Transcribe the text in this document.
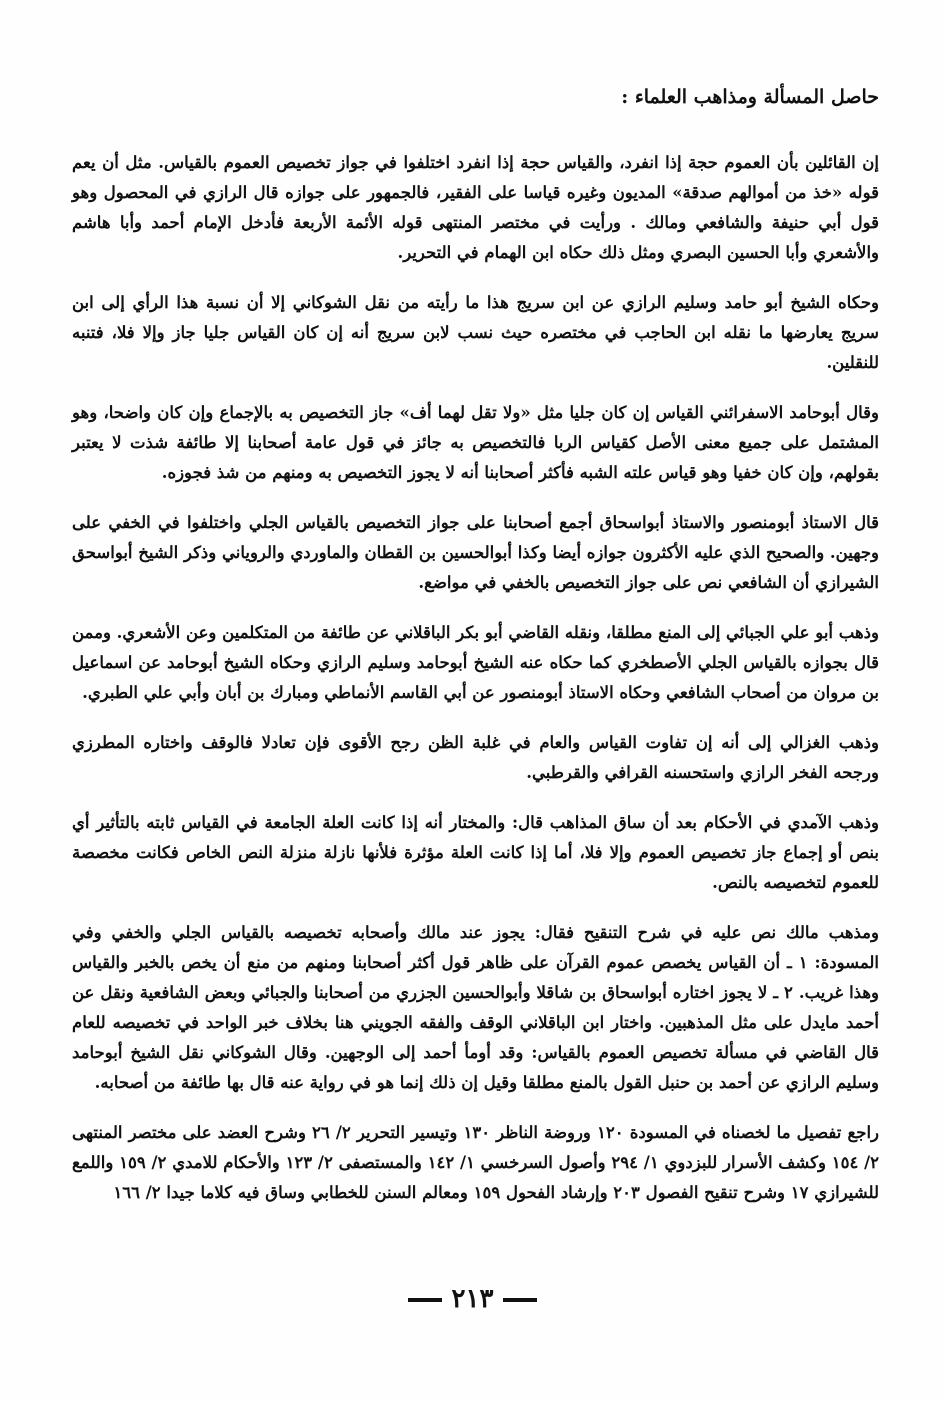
حاصل المسألة ومذاهب العلماء :
إن القائلين بأن العموم حجة إذا انفرد، والقياس حجة إذا انفرد اختلفوا في جواز تخصيص العموم بالقياس. مثل أن يعم قوله «خذ من أموالهم صدقة» المديون وغيره قياسا على الفقير، فالجمهور على جوازه قال الرازي في المحصول وهو قول أبي حنيفة والشافعي ومالك . ورأيت في مختصر المنتهى قوله الأئمة الأربعة فأدخل الإمام أحمد وأبا هاشم والأشعري وأبا الحسين البصري ومثل ذلك حكاه ابن الهمام في التحرير.
وحكاه الشيخ أبو حامد وسليم الرازي عن ابن سريج هذا ما رأيته من نقل الشوكاني إلا أن نسبة هذا الرأي إلى ابن سريج يعارضها ما نقله ابن الحاجب في مختصره حيث نسب لابن سريج أنه إن كان القياس جليا جاز وإلا فلا، فتنبه للنقلين.
وقال أبوحامد الاسفرائني القياس إن كان جليا مثل «ولا تقل لهما أف» جاز التخصيص به بالإجماع وإن كان واضحا، وهو المشتمل على جميع معنى الأصل كقياس الربا فالتخصيص به جائز في قول عامة أصحابنا إلا طائفة شذت لا يعتبر بقولهم، وإن كان خفيا وهو قياس علته الشبه فأكثر أصحابنا أنه لا يجوز التخصيص به ومنهم من شذ فجوزه.
قال الاستاذ أبومنصور والاستاذ أبواسحاق أجمع أصحابنا على جواز التخصيص بالقياس الجلي واختلفوا في الخفي على وجهين. والصحيح الذي عليه الأكثرون جوازه أيضا وكذا أبوالحسين بن القطان والماوردي والروياني وذكر الشيخ أبواسحق الشيرازي أن الشافعي نص على جواز التخصيص بالخفي في مواضع.
وذهب أبو علي الجبائي إلى المنع مطلقا، ونقله القاضي أبو بكر الباقلاني عن طائفة من المتكلمين وعن الأشعري. وممن قال بجوازه بالقياس الجلي الأصطخري كما حكاه عنه الشيخ أبوحامد وسليم الرازي وحكاه الشيخ أبوحامد عن اسماعيل بن مروان من أصحاب الشافعي وحكاه الاستاذ أبومنصور عن أبي القاسم الأنماطي ومبارك بن أبان وأبي علي الطبري.
وذهب الغزالي إلى أنه إن تفاوت القياس والعام في غلبة الظن رجح الأقوى فإن تعادلا فالوقف واختاره المطرزي ورجحه الفخر الرازي واستحسنه القرافي والقرطبي.
وذهب الآمدي في الأحكام بعد أن ساق المذاهب قال: والمختار أنه إذا كانت العلة الجامعة في القياس ثابته بالتأثير أي بنص أو إجماع جاز تخصيص العموم وإلا فلا، أما إذا كانت العلة مؤثرة فلأنها نازلة منزلة النص الخاص فكانت مخصصة للعموم لتخصيصه بالنص.
ومذهب مالك نص عليه في شرح التنقيح فقال: يجوز عند مالك وأصحابه تخصيصه بالقياس الجلي والخفي وفي المسودة: ١ ـ أن القياس يخصص عموم القرآن على ظاهر قول أكثر أصحابنا ومنهم من منع أن يخص بالخبر والقياس وهذا غريب. ٢ ـ لا يجوز اختاره أبواسحاق بن شاقلا وأبوالحسين الجزري من أصحابنا والجبائي وبعض الشافعية ونقل عن أحمد مايدل على مثل المذهبين. واختار ابن الباقلاني الوقف والفقه الجويني هنا بخلاف خبر الواحد في تخصيصه للعام قال القاضي في مسألة تخصيص العموم بالقياس: وقد أومأ أحمد إلى الوجهين. وقال الشوكاني نقل الشيخ أبوحامد وسليم الرازي عن أحمد بن حنبل القول بالمنع مطلقا وقيل إن ذلك إنما هو في رواية عنه قال بها طائفة من أصحابه.
راجع تفصيل ما لخصناه في المسودة ١٢٠ وروضة الناظر ١٣٠ وتيسير التحرير ٢/ ٢٦ وشرح العضد على مختصر المنتهى ٢/ ١٥٤ وكشف الأسرار للبزدوي ١/ ٢٩٤ وأصول السرخسي ١/ ١٤٢ والمستصفى ٢/ ١٢٣ والأحكام للامدي ٢/ ١٥٩ واللمع للشيرازي ١٧ وشرح تنقيح الفصول ٢٠٣ وإرشاد الفحول ١٥٩ ومعالم السنن للخطابي وساق فيه كلاما جيدا ٢/ ١٦٦
٢١٣
